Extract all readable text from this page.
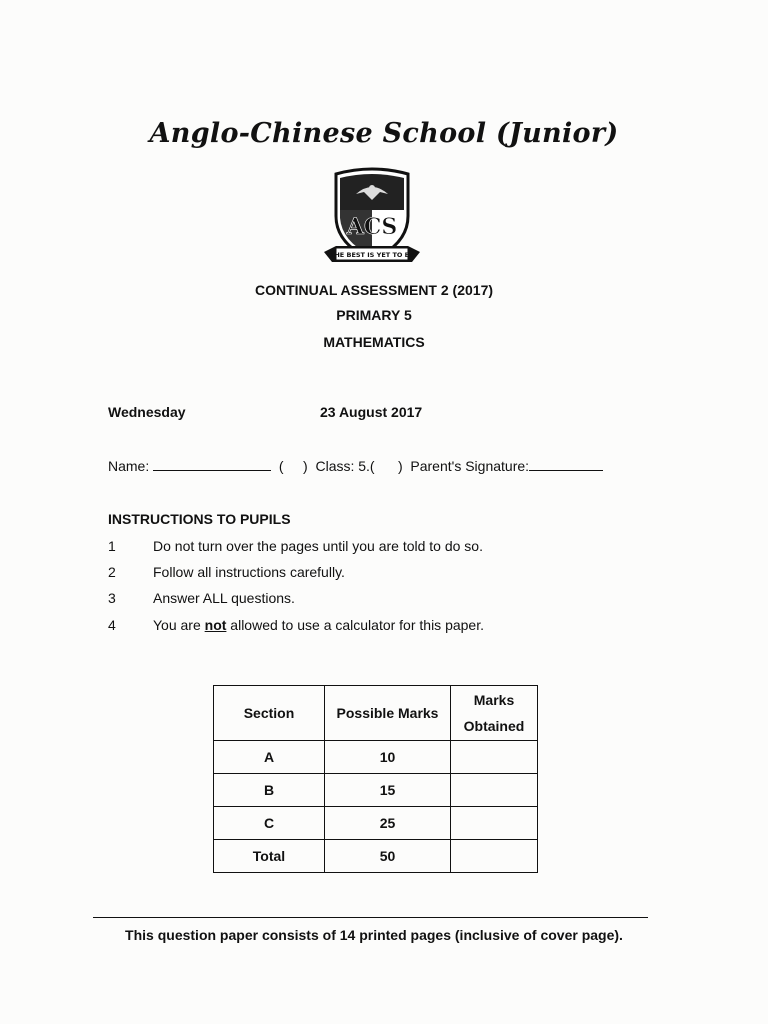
Anglo-Chinese School (Junior)
ACS
THE BEST IS YET TO BE
CONTINUAL ASSESSMENT 2 (2017)
PRIMARY 5
MATHEMATICS
Wednesday	23 August 2017
Name:	( )  Class: 5.( )  Parent's Signature:
INSTRUCTIONS TO PUPILS
1	Do not turn over the pages until you are told to do so.
2	Follow all instructions carefully.
3	Answer ALL questions.
4	You are not allowed to use a calculator for this paper.
Section	Possible Marks	Marks Obtained
A	10	
B	15	
C	25	
Total	50	
This question paper consists of 14 printed pages (inclusive of cover page).
